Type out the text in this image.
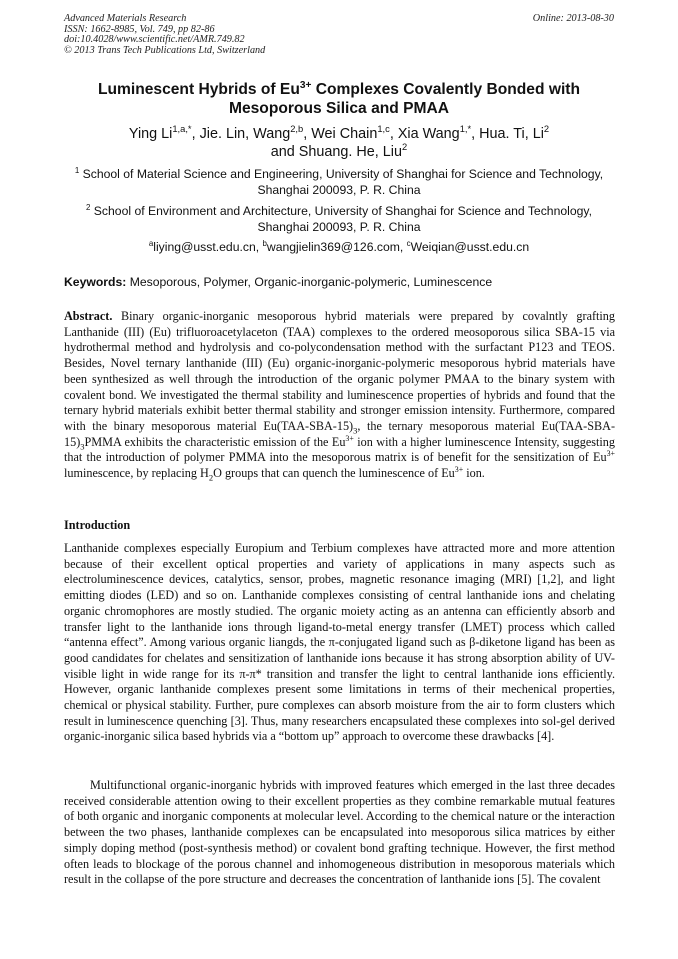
Advanced Materials Research
ISSN: 1662-8985, Vol. 749, pp 82-86
doi:10.4028/www.scientific.net/AMR.749.82
© 2013 Trans Tech Publications Ltd, Switzerland
Online: 2013-08-30
Luminescent Hybrids of $Eu^{3+}$ Complexes Covalently Bonded with Mesoporous Silica and PMAA
Ying $Li^{1,a,*}$, Jie. Lin, Wang$^{2,b}$, Wei Chain$^{1,c}$, Xia Wang$^{1,*}$, Hua. Ti, Li$^2$
and Shuang. He, Liu$^2$
$^1$ School of Material Science and Engineering, University of Shanghai for Science and Technology, Shanghai 200093, P. R. China
$^2$ School of Environment and Architecture, University of Shanghai for Science and Technology, Shanghai 200093, P. R. China
$^a$liying@usst.edu.cn, $^b$wangjielin369@126.com, $^c$Weiqian@usst.edu.cn
Keywords: Mesoporous, Polymer, Organic-inorganic-polymeric, Luminescence
Abstract. Binary organic-inorganic mesoporous hybrid materials were prepared by covalntly grafting Lanthanide (III) (Eu) trifluoroacetylaceton (TAA) complexes to the ordered meosoporous silica SBA-15 via hydrothermal method and hydrolysis and co-polycondensation method with the surfactant P123 and TEOS. Besides, Novel ternary lanthanide (III) (Eu) organic-inorganic-polymeric mesoporous hybrid materials have been synthesized as well through the introduction of the organic polymer PMAA to the binary system with covalent bond. We investigated the thermal stability and luminescence properties of hybrids and found that the ternary hybrid materials exhibit better thermal stability and stronger emission intensity. Furthermore, compared with the binary mesoporous material $Eu(TAA-SBA-15)_3$, the ternary mesoporous material $Eu(TAA-SBA-15)_3PMMA$ exhibits the characteristic emission of the $Eu^{3+}$ ion with a higher luminescence Intensity, suggesting that the introduction of polymer PMMA into the mesoporous matrix is of benefit for the sensitization of $Eu^{3+}$ luminescence, by replacing $H_2O$ groups that can quench the luminescence of $Eu^{3+}$ ion.
Introduction

Lanthanide complexes especially Europium and Terbium complexes have attracted more and more attention because of their excellent optical properties and variety of applications in many aspects such as electroluminescence devices, catalytics, sensor, probes, magnetic resonance imaging (MRI) [1,2], and light emitting diodes (LED) and so on. Lanthanide complexes consisting of central lanthanide ions and chelating organic chromophores are mostly studied. The organic moiety acting as an antenna can efficiently absorb and transfer light to the lanthanide ions through ligand-to-metal energy transfer (LMET) process which called “antenna effect”. Among various organic liangds, the π-conjugated ligand such as β-diketone ligand has been as good candidates for chelates and sensitization of lanthanide ions because it has strong absorption ability of UV-visible light in wide range for its π-π* transition and transfer the light to central lanthanide ions efficiently. However, organic lanthanide complexes present some limitations in terms of their mechenical properties, chemical or physical stability. Further, pure complexes can absorb moisture from the air to form clusters which result in luminescence quenching [3]. Thus, many researchers encapsulated these complexes into sol-gel derived organic-inorganic silica based hybrids via a “bottom up” approach to overcome these drawbacks [4].

Multifunctional organic-inorganic hybrids with improved features which emerged in the last three decades received considerable attention owing to their excellent properties as they combine remarkable mutual features of both organic and inorganic components at molecular level. According to the chemical nature or the interaction between the two phases, lanthanide complexes can be encapsulated into mesoporous silica matrices by either simply doping method (post-synthesis method) or covalent bond grafting technique. However, the first method often leads to blockage of the porous channel and inhomogeneous distribution in mesoporous materials which result in the collapse of the pore structure and decreases the concentration of lanthanide ions [5]. The covalent
